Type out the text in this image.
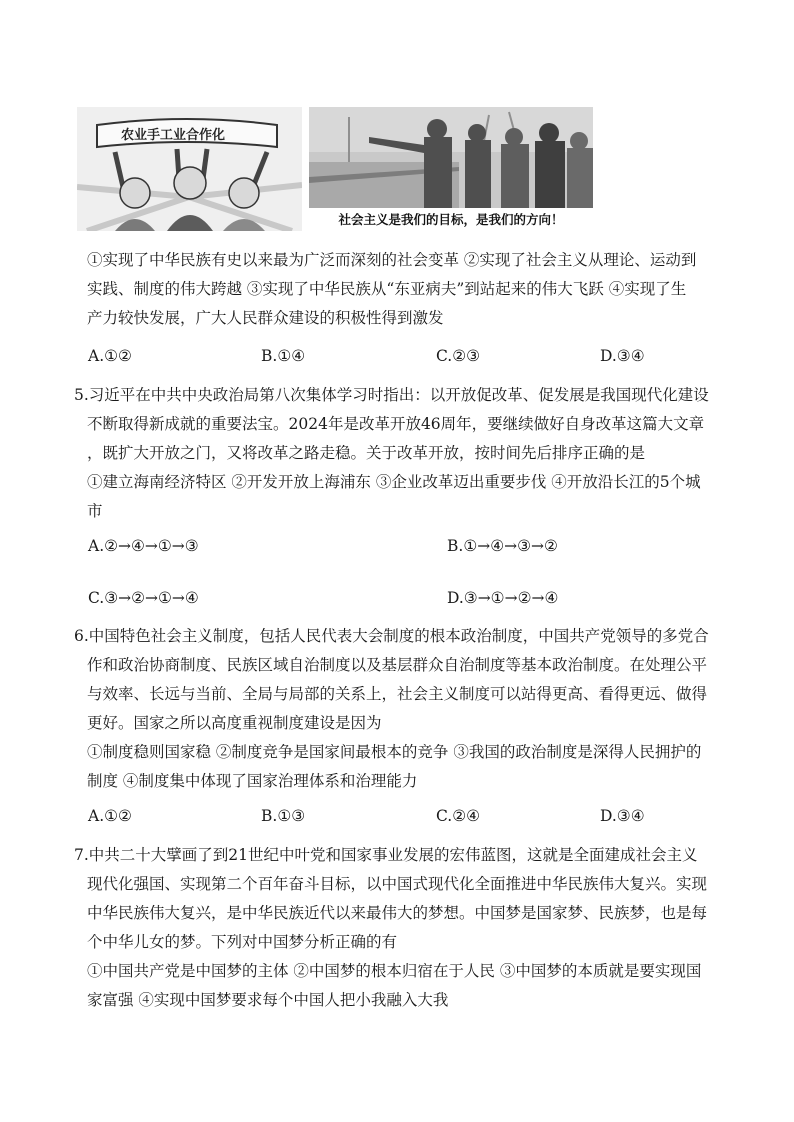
农业手工业合作化
社会主义是我们的目标，是我们的方向！
①实现了中华民族有史以来最为广泛而深刻的社会变革 ②实现了社会主义从理论、运动到
实践、制度的伟大跨越 ③实现了中华民族从“东亚病夫”到站起来的伟大飞跃 ④实现了生
产力较快发展，广大人民群众建设的积极性得到激发
A.①②	B.①④	C.②③	D.③④
5.习近平在中共中央政治局第八次集体学习时指出：以开放促改革、促发展是我国现代化建设
不断取得新成就的重要法宝。2024年是改革开放46周年，要继续做好自身改革这篇大文章
，既扩大开放之门，又将改革之路走稳。关于改革开放，按时间先后排序正确的是
①建立海南经济特区 ②开发开放上海浦东 ③企业改革迈出重要步伐 ④开放沿长江的5个城
市
A.②→④→①→③	B.①→④→③→②
C.③→②→①→④	D.③→①→②→④
6.中国特色社会主义制度，包括人民代表大会制度的根本政治制度，中国共产党领导的多党合
作和政治协商制度、民族区域自治制度以及基层群众自治制度等基本政治制度。在处理公平
与效率、长远与当前、全局与局部的关系上，社会主义制度可以站得更高、看得更远、做得
更好。国家之所以高度重视制度建设是因为
①制度稳则国家稳 ②制度竞争是国家间最根本的竞争 ③我国的政治制度是深得人民拥护的
制度 ④制度集中体现了国家治理体系和治理能力
A.①②	B.①③	C.②④	D.③④
7.中共二十大擘画了到21世纪中叶党和国家事业发展的宏伟蓝图，这就是全面建成社会主义
现代化强国、实现第二个百年奋斗目标，以中国式现代化全面推进中华民族伟大复兴。实现
中华民族伟大复兴，是中华民族近代以来最伟大的梦想。中国梦是国家梦、民族梦，也是每
个中华儿女的梦。下列对中国梦分析正确的有
①中国共产党是中国梦的主体 ②中国梦的根本归宿在于人民 ③中国梦的本质就是要实现国
家富强 ④实现中国梦要求每个中国人把小我融入大我
